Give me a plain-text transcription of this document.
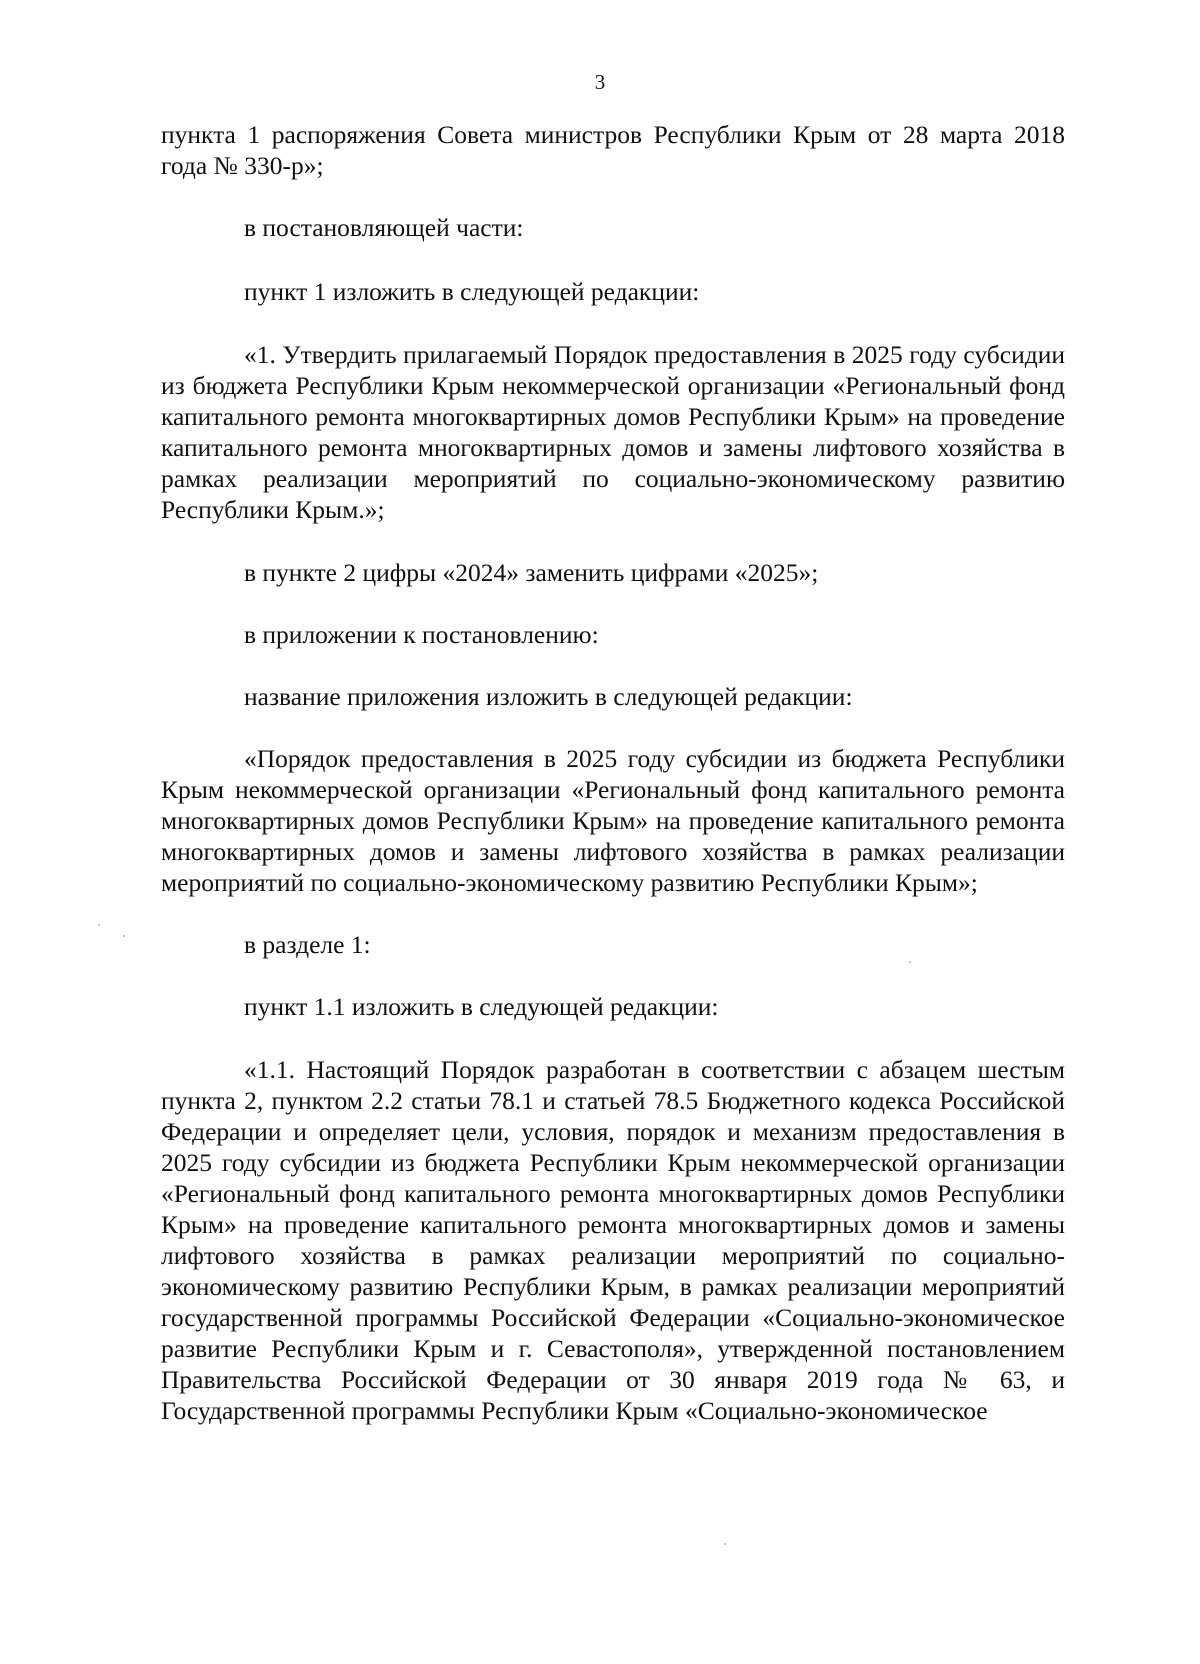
3

пункта 1 распоряжения Совета министров Республики Крым от 28 марта 2018 года № 330-р»;

в постановляющей части:

пункт 1 изложить в следующей редакции:

«1. Утвердить прилагаемый Порядок предоставления в 2025 году субсидии из бюджета Республики Крым некоммерческой организации «Региональный фонд капитального ремонта многоквартирных домов Республики Крым» на проведение капитального ремонта многоквартирных домов и замены лифтового хозяйства в рамках реализации мероприятий по социально-экономическому развитию Республики Крым.»;

в пункте 2 цифры «2024» заменить цифрами «2025»;

в приложении к постановлению:

название приложения изложить в следующей редакции:

«Порядок предоставления в 2025 году субсидии из бюджета Республики Крым некоммерческой организации «Региональный фонд капитального ремонта многоквартирных домов Республики Крым» на проведение капитального ремонта многоквартирных домов и замены лифтового хозяйства в рамках реализации мероприятий по социально-экономическому развитию Республики Крым»;

в разделе 1:

пункт 1.1 изложить в следующей редакции:

«1.1. Настоящий Порядок разработан в соответствии с абзацем шестым пункта 2, пунктом 2.2 статьи 78.1 и статьей 78.5 Бюджетного кодекса Российской Федерации и определяет цели, условия, порядок и механизм предоставления в 2025 году субсидии из бюджета Республики Крым некоммерческой организации «Региональный фонд капитального ремонта многоквартирных домов Республики Крым» на проведение капитального ремонта многоквартирных домов и замены лифтового хозяйства в рамках реализации мероприятий по социально-экономическому развитию Республики Крым, в рамках реализации мероприятий государственной программы Российской Федерации «Социально-экономическое развитие Республики Крым и г. Севастополя», утвержденной постановлением Правительства Российской Федерации от 30 января 2019 года № 63, и Государственной программы Республики Крым «Социально-экономическое
